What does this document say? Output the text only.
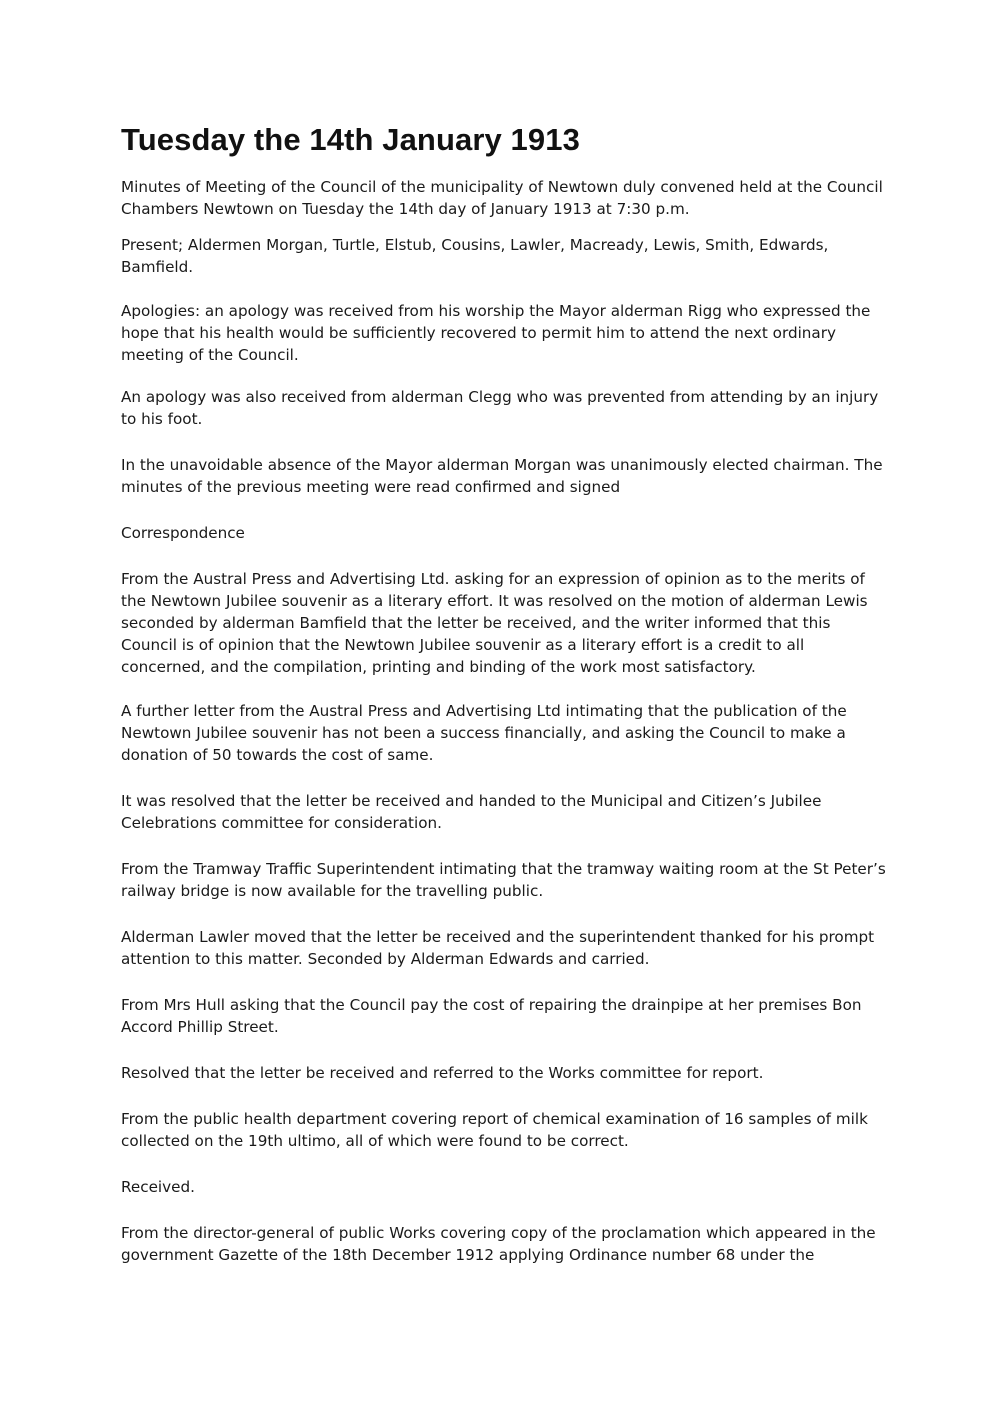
Tuesday the 14th January 1913

Minutes of Meeting of the Council of the municipality of Newtown duly convened held at the Council Chambers Newtown on Tuesday the 14th day of January 1913 at 7:30 p.m.

Present; Aldermen Morgan, Turtle, Elstub, Cousins, Lawler, Macready, Lewis, Smith, Edwards, Bamfield.

Apologies: an apology was received from his worship the Mayor alderman Rigg who expressed the hope that his health would be sufficiently recovered to permit him to attend the next ordinary meeting of the Council.

An apology was also received from alderman Clegg who was prevented from attending by an injury to his foot.

In the unavoidable absence of the Mayor alderman Morgan was unanimously elected chairman. The minutes of the previous meeting were read confirmed and signed

Correspondence

From the Austral Press and Advertising Ltd. asking for an expression of opinion as to the merits of the Newtown Jubilee souvenir as a literary effort. It was resolved on the motion of alderman Lewis seconded by alderman Bamfield that the letter be received, and the writer informed that this Council is of opinion that the Newtown Jubilee souvenir as a literary effort is a credit to all concerned, and the compilation, printing and binding of the work most satisfactory.

A further letter from the Austral Press and Advertising Ltd intimating that the publication of the Newtown Jubilee souvenir has not been a success financially, and asking the Council to make a donation of 50 towards the cost of same.

It was resolved that the letter be received and handed to the Municipal and Citizen’s Jubilee Celebrations committee for consideration.

From the Tramway Traffic Superintendent intimating that the tramway waiting room at the St Peter’s railway bridge is now available for the travelling public.

Alderman Lawler moved that the letter be received and the superintendent thanked for his prompt attention to this matter. Seconded by Alderman Edwards and carried.

From Mrs Hull asking that the Council pay the cost of repairing the drainpipe at her premises Bon Accord Phillip Street.

Resolved that the letter be received and referred to the Works committee for report.

From the public health department covering report of chemical examination of 16 samples of milk collected on the 19th ultimo, all of which were found to be correct.

Received.

From the director-general of public Works covering copy of the proclamation which appeared in the government Gazette of the 18th December 1912 applying Ordinance number 68 under the
